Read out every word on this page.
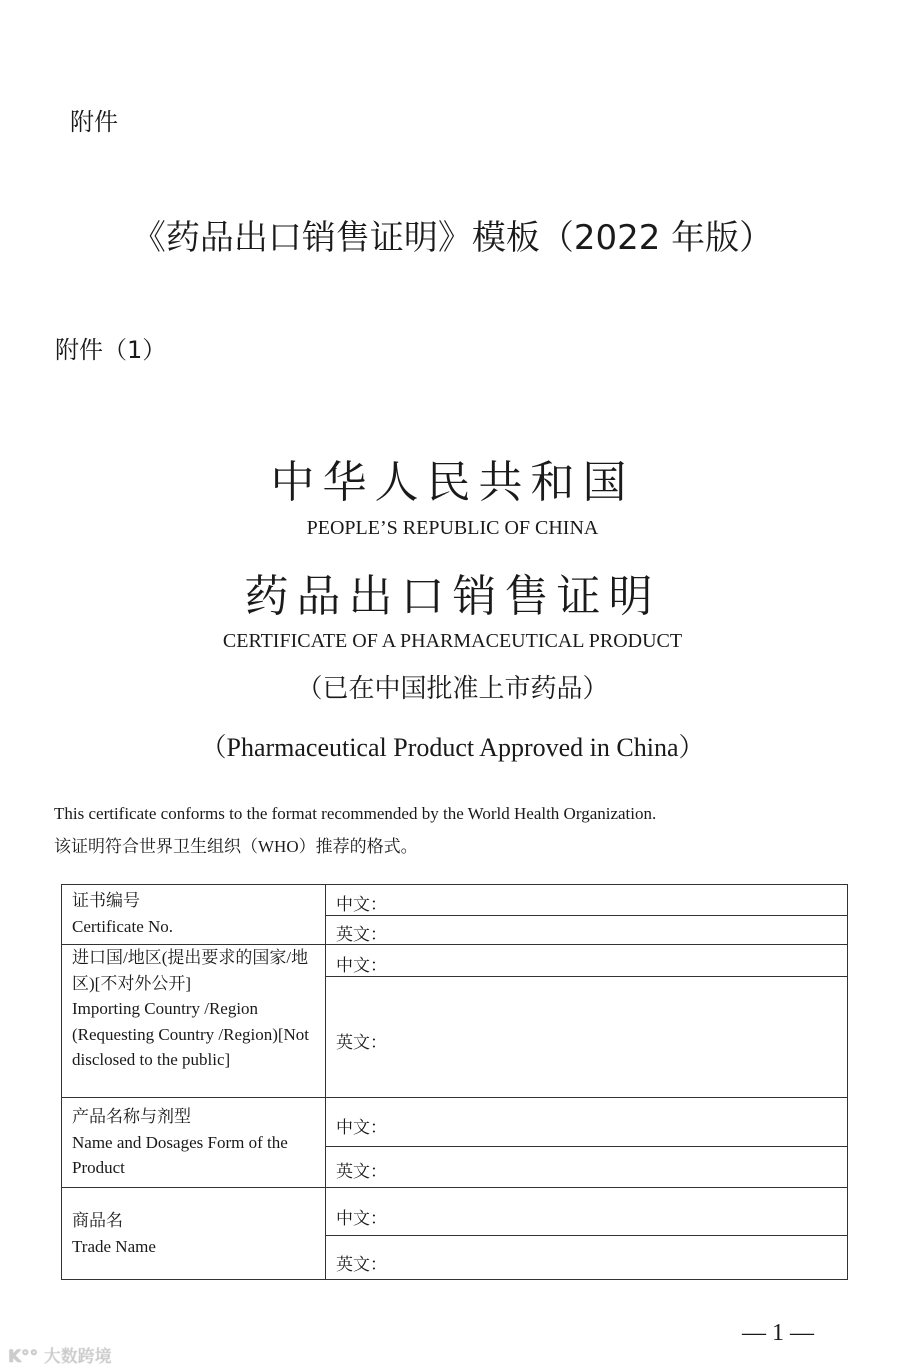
附件
《药品出口销售证明》模板（2022 年版）
附件（1）
中华人民共和国
PEOPLE’S REPUBLIC OF CHINA
药品出口销售证明
CERTIFICATE OF A PHARMACEUTICAL PRODUCT
（已在中国批准上市药品）
（Pharmaceutical Product Approved in China）
This certificate conforms to the format recommended by the World Health Organization.
该证明符合世界卫生组织（WHO）推荐的格式。
证书编号
Certificate No.
进口国/地区(提出要求的国家/地区)[不对外公开]
Importing Country /Region (Requesting Country /Region)[Not disclosed to the public]
产品名称与剂型
Name and Dosages Form of the Product
商品名
Trade Name
中文：
英文：
中文：
英文：
中文：
英文：
中文：
英文：
— 1 —
K°° 大数跨境
